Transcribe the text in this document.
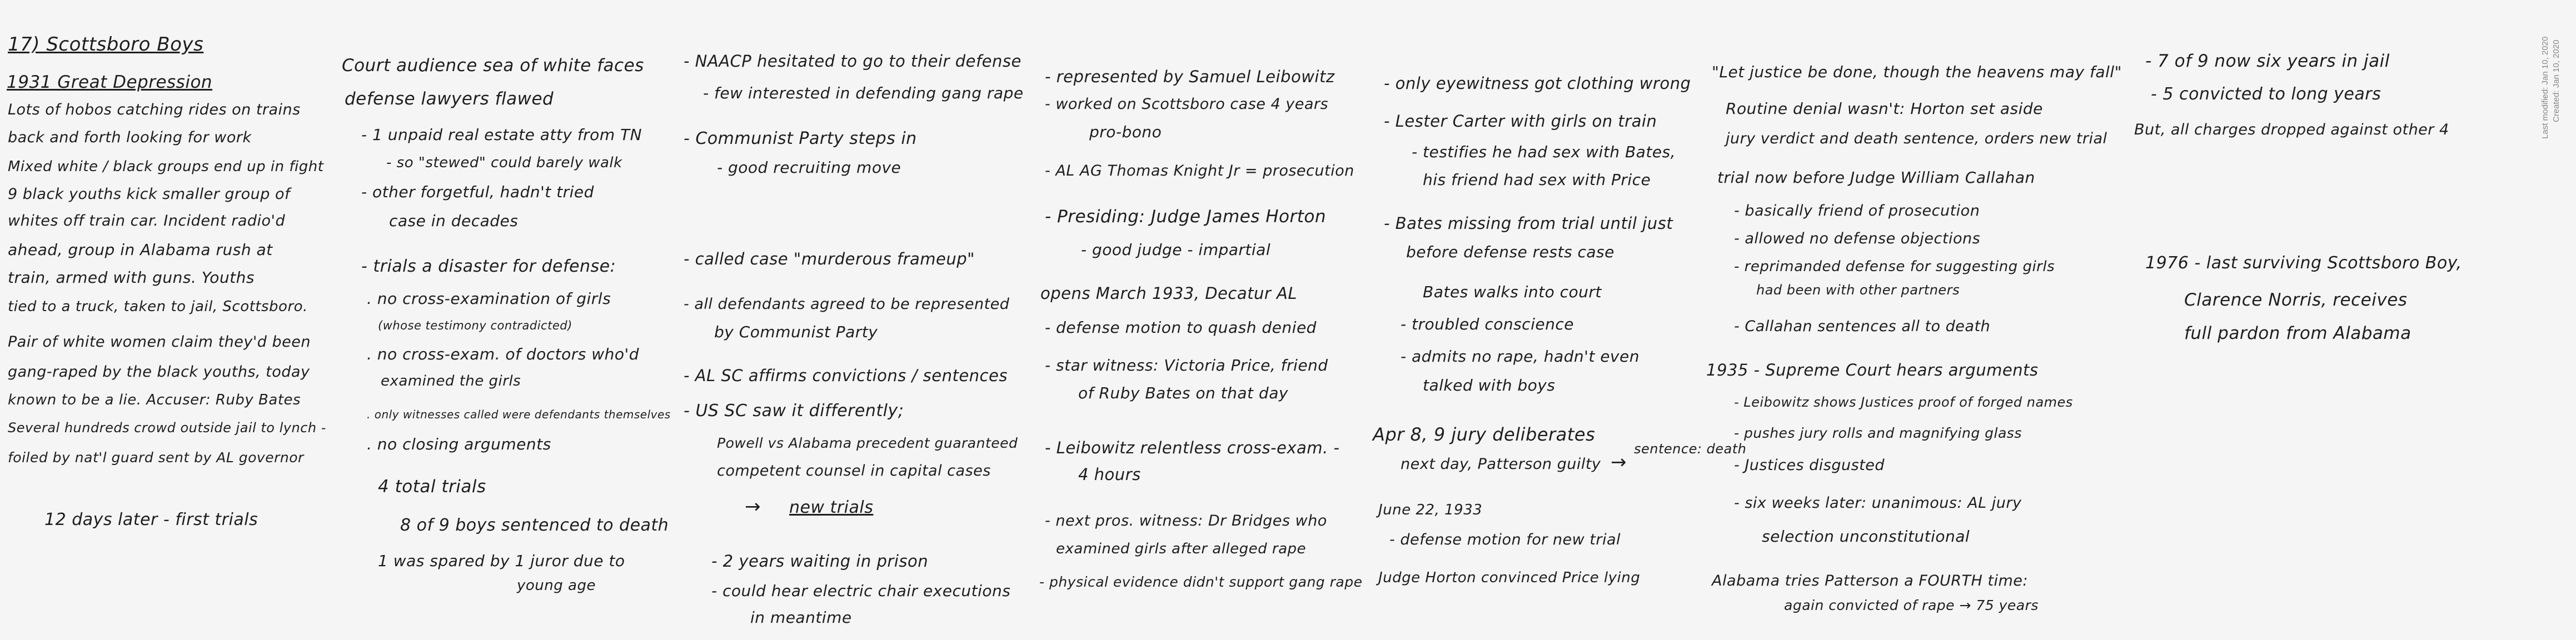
17) Scottsboro Boys
1931 Great Depression
Lots of hobos catching rides on trains
back and forth looking for work
Mixed white / black groups end up in fight
9 black youths kick smaller group of
whites off train car. Incident radio'd
ahead, group in Alabama rush at
train, armed with guns. Youths
tied to a truck, taken to jail, Scottsboro.
Pair of white women claim they'd been
gang-raped by the black youths, today
known to be a lie. Accuser: Ruby Bates
Several hundreds crowd outside jail to lynch -
foiled by nat'l guard sent by AL governor
12 days later - first trials
Court audience sea of white faces
defense lawyers flawed
- 1 unpaid real estate atty from TN
- so "stewed" could barely walk
- other forgetful, hadn't tried
case in decades
- trials a disaster for defense:
. no cross-examination of girls
(whose testimony contradicted)
. no cross-exam. of doctors who'd
examined the girls
. only witnesses called were defendants themselves
. no closing arguments
4 total trials
8 of 9 boys sentenced to death
1 was spared by 1 juror due to
young age
- NAACP hesitated to go to their defense
- few interested in defending gang rape
- Communist Party steps in
- good recruiting move
- called case "murderous frameup"
- all defendants agreed to be represented
by Communist Party
- AL SC affirms convictions / sentences
- US SC saw it differently;
Powell vs Alabama precedent guaranteed
competent counsel in capital cases
→ new trials
- 2 years waiting in prison
- could hear electric chair executions
in meantime
- represented by Samuel Leibowitz
- worked on Scottsboro case 4 years
pro-bono
- AL AG Thomas Knight Jr = prosecution
- Presiding: Judge James Horton
- good judge - impartial
opens March 1933, Decatur AL
- defense motion to quash denied
- star witness: Victoria Price, friend
of Ruby Bates on that day
- Leibowitz relentless cross-exam. -
4 hours
- next pros. witness: Dr Bridges who
examined girls after alleged rape
- physical evidence didn't support gang rape
- only eyewitness got clothing wrong
- Lester Carter with girls on train
- testifies he had sex with Bates,
his friend had sex with Price
- Bates missing from trial until just
before defense rests case
Bates walks into court
- troubled conscience
- admits no rape, hadn't even
talked with boys
Apr 8, 9 jury deliberates
next day, Patterson guilty →
sentence: death
June 22, 1933
- defense motion for new trial
Judge Horton convinced Price lying
"Let justice be done, though the heavens may fall"
Routine denial wasn't: Horton set aside
jury verdict and death sentence, orders new trial
trial now before Judge William Callahan
- basically friend of prosecution
- allowed no defense objections
- reprimanded defense for suggesting girls
had been with other partners
- Callahan sentences all to death
1935 - Supreme Court hears arguments
- Leibowitz shows Justices proof of forged names
- pushes jury rolls and magnifying glass
- Justices disgusted
- six weeks later: unanimous: AL jury
selection unconstitutional
Alabama tries Patterson a FOURTH time:
again convicted of rape → 75 years
- 7 of 9 now six years in jail
- 5 convicted to long years
But, all charges dropped against other 4
1976 - last surviving Scottsboro Boy,
Clarence Norris, receives
full pardon from Alabama
Last modified: Jan 10, 2020 Created: Jan 10, 2020
